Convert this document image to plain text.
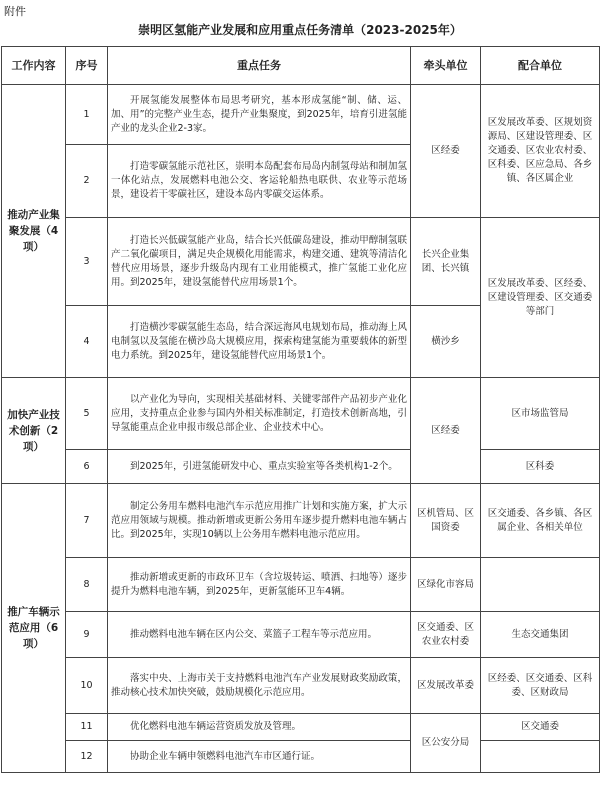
附件
崇明区氢能产业发展和应用重点任务清单（2023-2025年）
工作内容	序号	重点任务	牵头单位	配合单位
推动产业集聚发展（4项）	1	开展氢能发展整体布局思考研究，基本形成氢能“制、储、运、加、用”的完整产业生态，提升产业集聚度，到2025年，培育引进氢能产业的龙头企业2-3家。	区经委	区发展改革委、区规划资源局、区建设管理委、区交通委、区农业农村委、区科委、区应急局、各乡镇、各区属企业
	2	打造零碳氢能示范社区，崇明本岛配套布局岛内制氢母站和制加氢一体化站点，发展燃料电池公交、客运轮船热电联供、农业等示范场景，建设若干零碳社区，建设本岛内零碳交运体系。		
	3	打造长兴低碳氢能产业岛，结合长兴低碳岛建设，推动甲醇制氢联产二氧化碳项目，满足央企规模化用能需求，构建交通、建筑等清洁化替代应用场景，逐步升级岛内现有工业用能模式，推广氢能工业化应用。到2025年，建设氢能替代应用场景1个。	长兴企业集团、长兴镇	区发展改革委、区经委、区建设管理委、区交通委等部门
	4	打造横沙零碳氢能生态岛，结合深远海风电规划布局，推动海上风电制氢以及氢能在横沙岛大规模应用，探索构建氢能为重要载体的新型电力系统。到2025年，建设氢能替代应用场景1个。	横沙乡	
加快产业技术创新（2项）	5	以产业化为导向，实现相关基础材料、关键零部件产品初步产业化应用，支持重点企业参与国内外相关标准制定，打造技术创新高地，引导氢能重点企业申报市级总部企业、企业技术中心。	区经委	区市场监管局
	6	到2025年，引进氢能研发中心、重点实验室等各类机构1-2个。		区科委
推广车辆示范应用（6项）	7	制定公务用车燃料电池汽车示范应用推广计划和实施方案，扩大示范应用领域与规模。推动新增或更新公务用车逐步提升燃料电池车辆占比。到2025年，实现10辆以上公务用车燃料电池示范应用。	区机管局、区国资委	区交通委、各乡镇、各区属企业、各相关单位
	8	推动新增或更新的市政环卫车（含垃圾转运、喷洒、扫地等）逐步提升为燃料电池车辆，到2025年，更新氢能环卫车4辆。	区绿化市容局	
	9	推动燃料电池车辆在区内公交、菜篮子工程车等示范应用。	区交通委、区农业农村委	生态交通集团
	10	落实中央、上海市关于支持燃料电池汽车产业发展财政奖励政策，推动核心技术加快突破，鼓励规模化示范应用。	区发展改革委	区经委、区交通委、区科委、区财政局
	11	优化燃料电池车辆运营资质发放及管理。	区公安分局	区交通委
	12	协助企业车辆申领燃料电池汽车市区通行证。		
